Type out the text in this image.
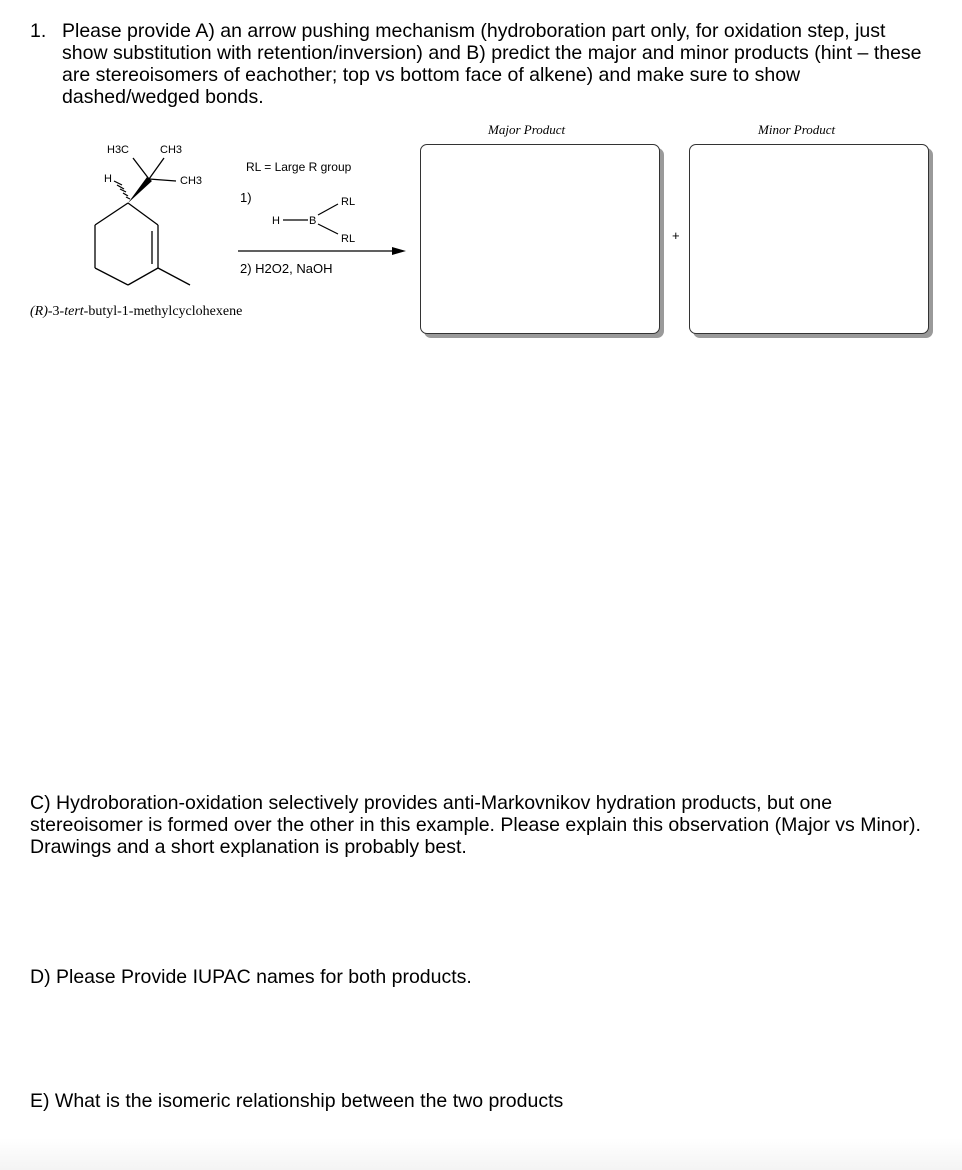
1. Please provide A) an arrow pushing mechanism (hydroboration part only, for oxidation step, just show substitution with retention/inversion) and B) predict the major and minor products (hint – these are stereoisomers of eachother; top vs bottom face of alkene) and make sure to show dashed/wedged bonds.
H3C	CH3
CH3
H
RL = Large R group
1)
H	B
RL
RL
2) H2O2, NaOH
(R)-3-tert-butyl-1-methylcyclohexene
Major Product	Minor Product
+
C) Hydroboration-oxidation selectively provides anti-Markovnikov hydration products, but one stereoisomer is formed over the other in this example. Please explain this observation (Major vs Minor). Drawings and a short explanation is probably best.
D) Please Provide IUPAC names for both products.
E) What is the isomeric relationship between the two products
